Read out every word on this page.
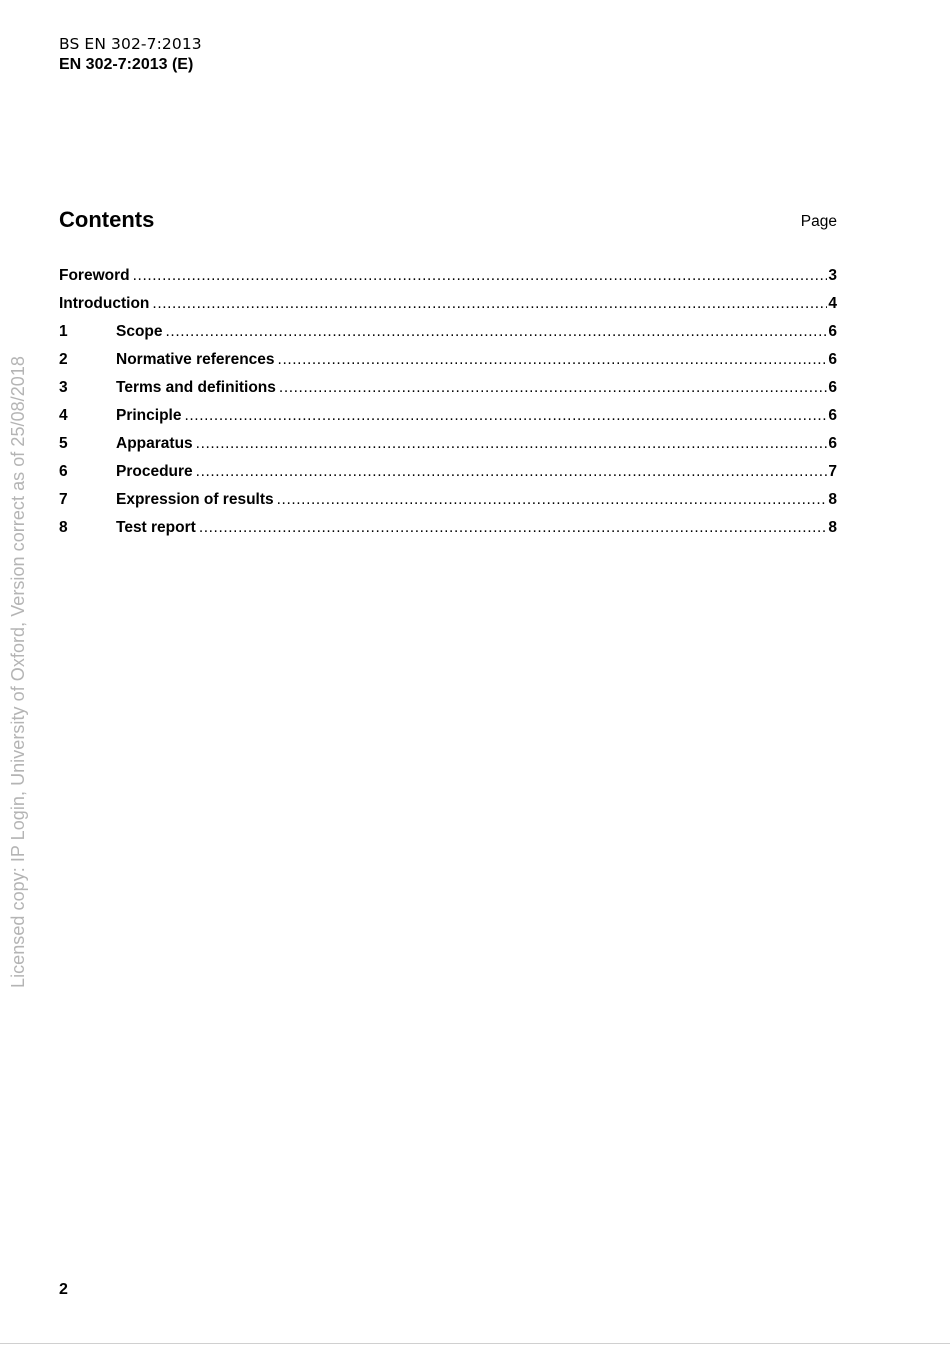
BS EN 302-7:2013
EN 302-7:2013 (E)
Contents	Page
Foreword .....	3
Introduction .....	4
1	Scope .....	6
2	Normative references .....	6
3	Terms and definitions .....	6
4	Principle .....	6
5	Apparatus .....	6
6	Procedure .....	7
7	Expression of results .....	8
8	Test report .....	8
Licensed copy: IP Login, University of Oxford, Version correct as of 25/08/2018
2
